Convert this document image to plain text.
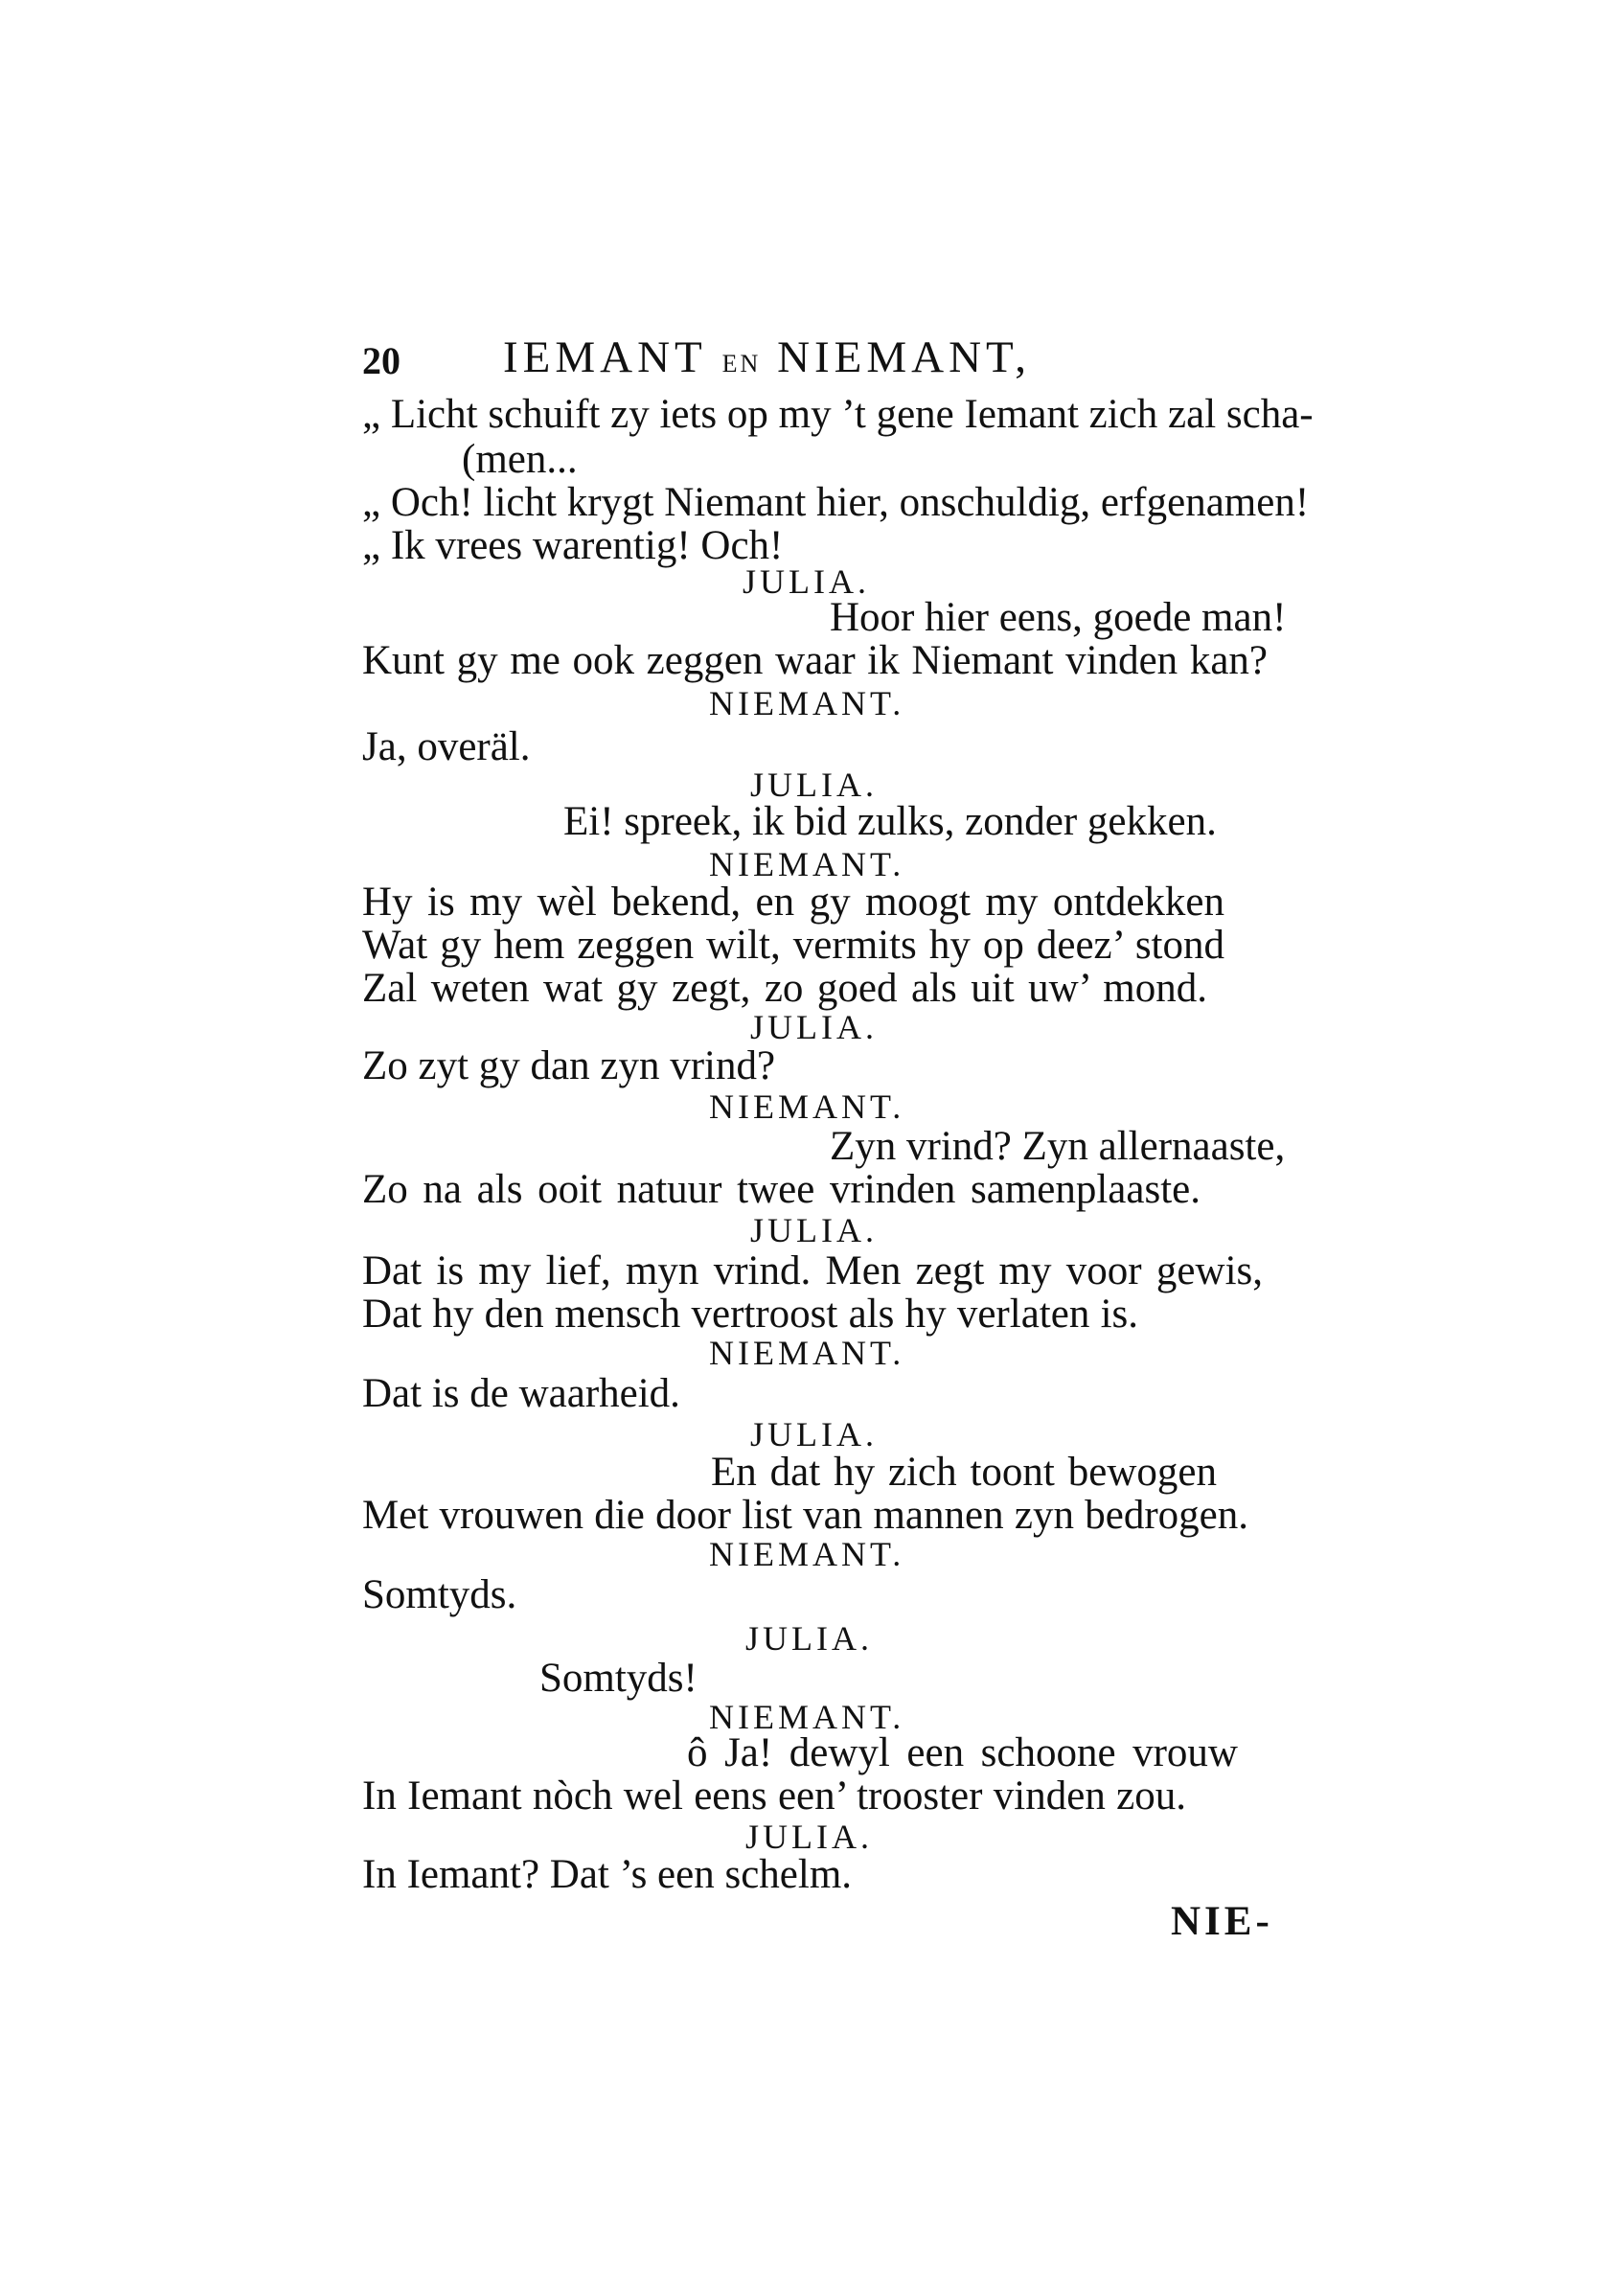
20 IEMANT EN NIEMANT,
„ Licht schuift zy iets op my ’t gene Iemant zich zal scha-
(men...
„ Och! licht krygt Niemant hier, onschuldig, erfgenamen!
„ Ik vrees warentig! Och!
JULIA.
Hoor hier eens, goede man!
Kunt gy me ook zeggen waar ik Niemant vinden kan?
NIEMANT.
Ja, overäl.
JULIA.
Ei! spreek, ik bid zulks, zonder gekken.
NIEMANT.
Hy is my wèl bekend, en gy moogt my ontdekken
Wat gy hem zeggen wilt, vermits hy op deez’ stond
Zal weten wat gy zegt, zo goed als uit uw’ mond.
JULIA.
Zo zyt gy dan zyn vrind?
NIEMANT.
Zyn vrind? Zyn allernaaste,
Zo na als ooit natuur twee vrinden samenplaaste.
JULIA.
Dat is my lief, myn vrind. Men zegt my voor gewis,
Dat hy den mensch vertroost als hy verlaten is.
NIEMANT.
Dat is de waarheid.
JULIA.
En dat hy zich toont bewogen
Met vrouwen die door list van mannen zyn bedrogen.
NIEMANT.
Somtyds.
JULIA.
Somtyds!
NIEMANT.
ô Ja! dewyl een schoone vrouw
In Iemant nòch wel eens een’ trooster vinden zou.
JULIA.
In Iemant? Dat ’s een schelm.
NIE-
